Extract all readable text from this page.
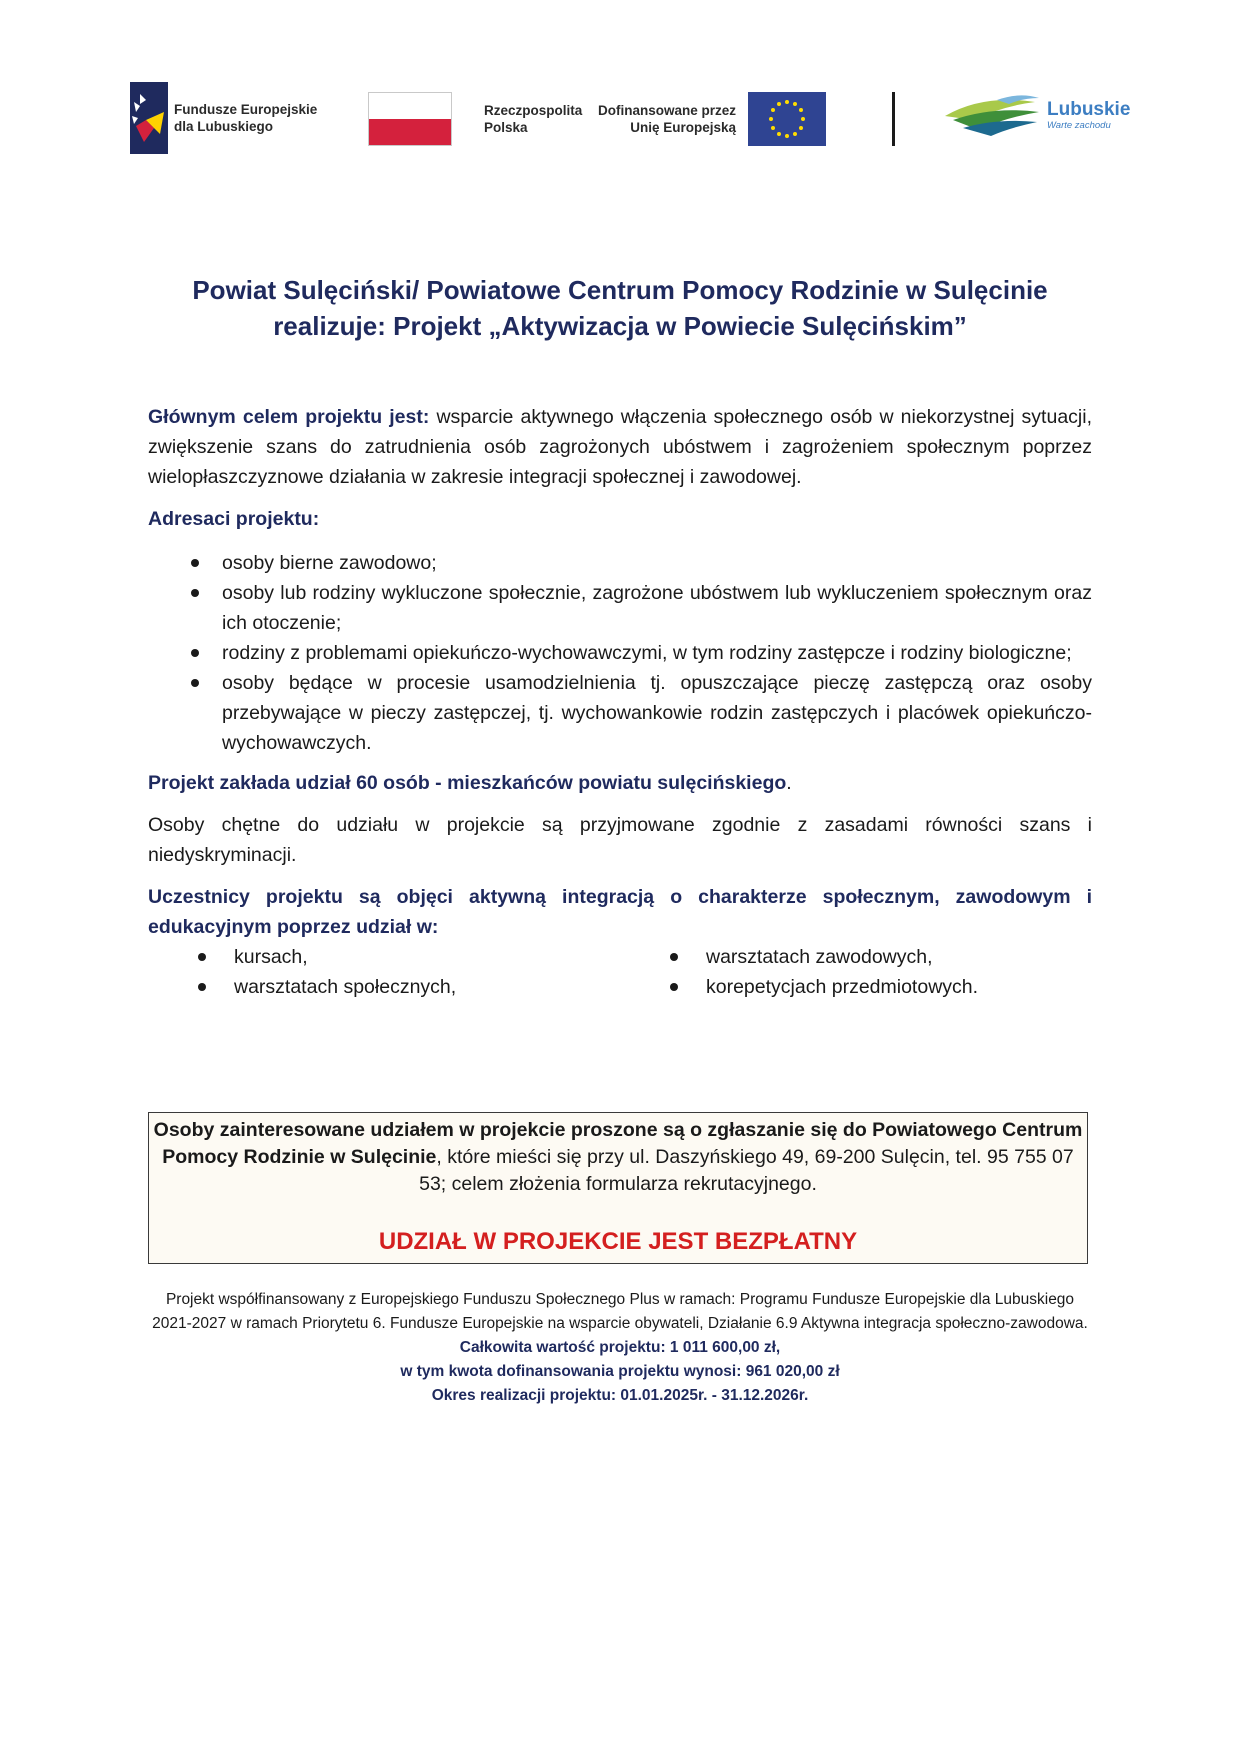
Fundusze Europejskie
dla Lubuskiego
Rzeczpospolita
Polska
Dofinansowane przez
Unię Europejską
Lubuskie
Warte zachodu
Powiat Sulęciński/ Powiatowe Centrum Pomocy Rodzinie w Sulęcinie
realizuje: Projekt „Aktywizacja w Powiecie Sulęcińskim”

Głównym celem projektu jest: wsparcie aktywnego włączenia społecznego osób w niekorzystnej sytuacji, zwiększenie szans do zatrudnienia osób zagrożonych ubóstwem i zagrożeniem społecznym poprzez wielopłaszczyznowe działania w zakresie integracji społecznej i zawodowej.

Adresaci projektu:

osoby bierne zawodowo;
osoby lub rodziny wykluczone społecznie, zagrożone ubóstwem lub wykluczeniem społecznym oraz ich otoczenie;
rodziny z problemami opiekuńczo-wychowawczymi, w tym rodziny zastępcze i rodziny biologiczne;
osoby będące w procesie usamodzielnienia tj. opuszczające pieczę zastępczą oraz osoby przebywające w pieczy zastępczej, tj. wychowankowie rodzin zastępczych i placówek opiekuńczo-wychowawczych.

Projekt zakłada udział 60 osób - mieszkańców powiatu sulęcińskiego.

Osoby chętne do udziału w projekcie są przyjmowane zgodnie z zasadami równości szans i niedyskryminacji.

Uczestnicy projektu są objęci aktywną integracją o charakterze społecznym, zawodowym i edukacyjnym poprzez udział w:

kursach,
warsztatach społecznych,
warsztatach zawodowych,
korepetycjach przedmiotowych.

Osoby zainteresowane udziałem w projekcie proszone są o zgłaszanie się do Powiatowego Centrum Pomocy Rodzinie w Sulęcinie, które mieści się przy ul. Daszyńskiego 49, 69-200 Sulęcin, tel. 95 755 07 53; celem złożenia formularza rekrutacyjnego.

UDZIAŁ W PROJEKCIE JEST BEZPŁATNY

Projekt współfinansowany z Europejskiego Funduszu Społecznego Plus w ramach: Programu Fundusze Europejskie dla Lubuskiego 2021-2027 w ramach Priorytetu 6. Fundusze Europejskie na wsparcie obywateli, Działanie 6.9 Aktywna integracja społeczno-zawodowa.

Całkowita wartość projektu: 1 011 600,00 zł,

w tym kwota dofinansowania projektu wynosi: 961 020,00 zł

Okres realizacji projektu: 01.01.2025r. - 31.12.2026r.
